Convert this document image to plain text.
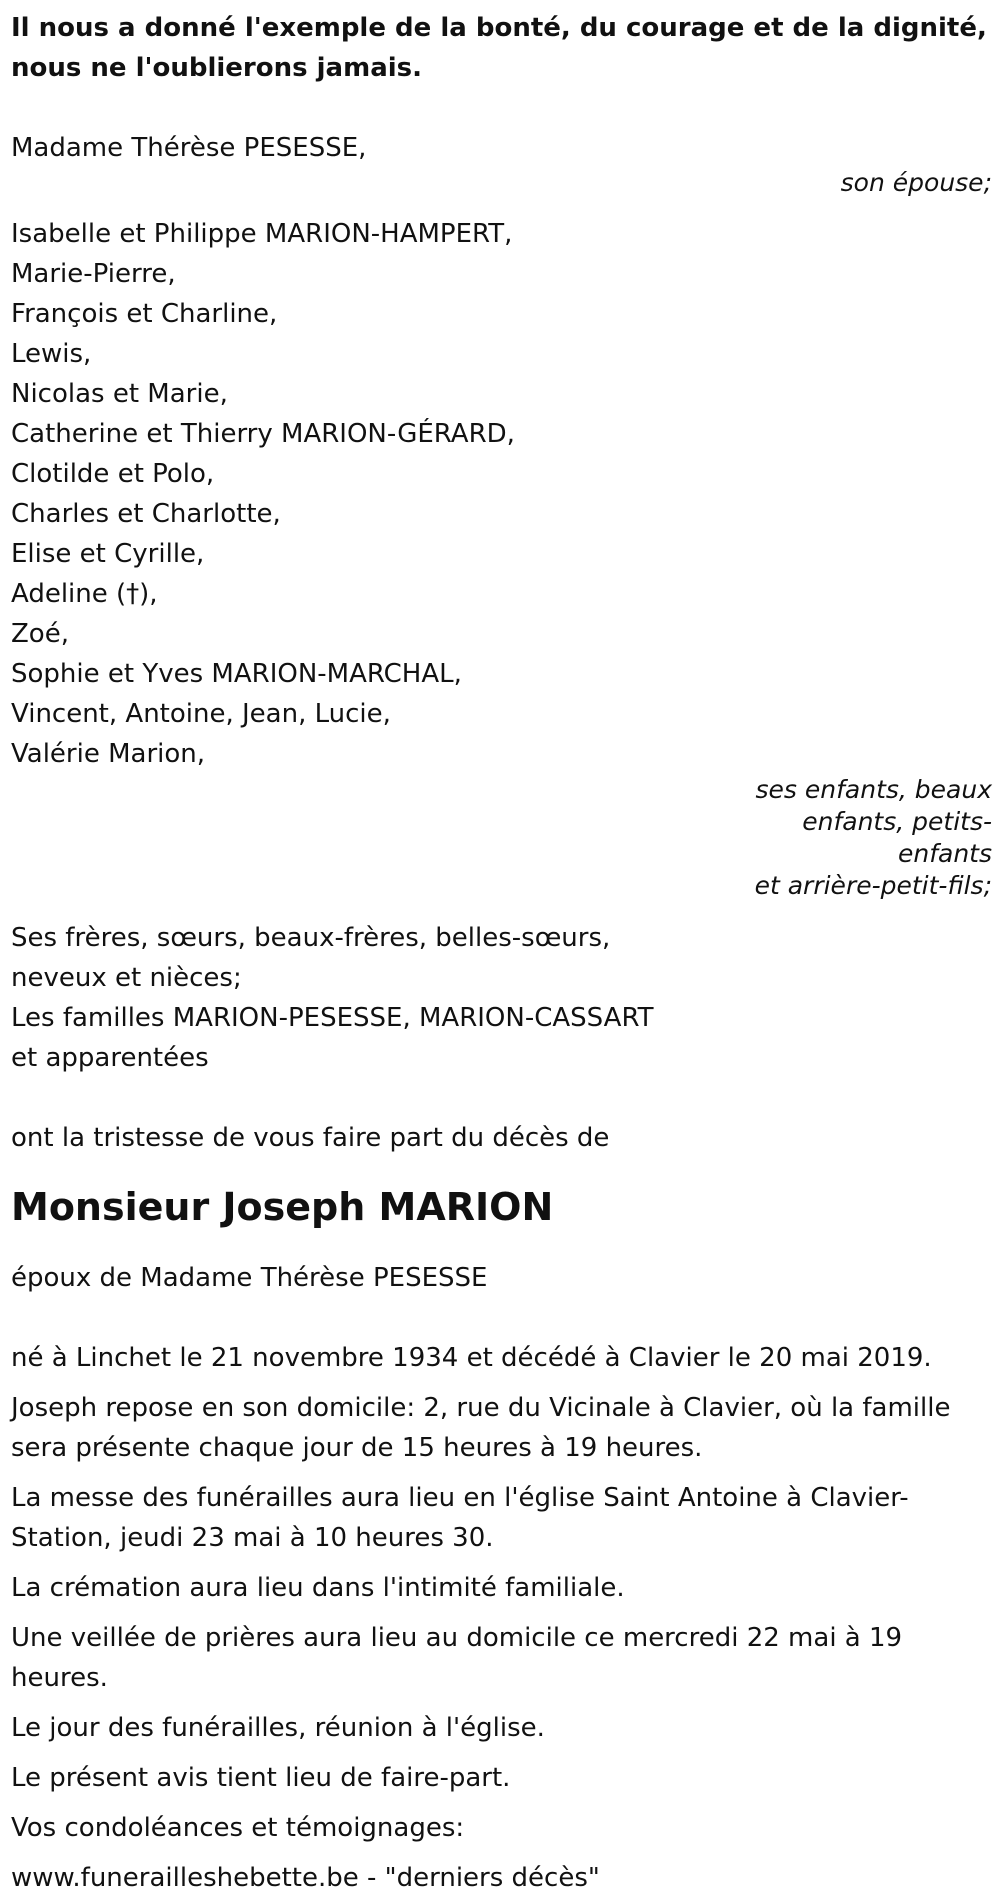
Il nous a donné l'exemple de la bonté, du courage et de la dignité,

nous ne l'oublierons jamais.

Madame Thérèse PESESSE,
son épouse;
Isabelle et Philippe MARION-HAMPERT,
Marie-Pierre,
François et Charline,
Lewis,
Nicolas et Marie,
Catherine et Thierry MARION-GÉRARD,
Clotilde et Polo,
Charles et Charlotte,
Elise et Cyrille,
Adeline (†),
Zoé,
Sophie et Yves MARION-MARCHAL,
Vincent, Antoine, Jean, Lucie,
Valérie Marion,
ses enfants, beaux enfants, petits-enfants
et arrière-petit-fils;
Ses frères, sœurs, beaux-frères, belles-sœurs,
neveux et nièces;
Les familles MARION-PESESSE, MARION-CASSART
et apparentées
ont la tristesse de vous faire part du décès de
Monsieur Joseph MARION
époux de Madame Thérèse PESESSE

né à Linchet le 21 novembre 1934 et décédé à Clavier le 20 mai 2019.

Joseph repose en son domicile: 2, rue du Vicinale à Clavier, où la famille sera présente chaque jour de 15 heures à 19 heures.

La messe des funérailles aura lieu en l'église Saint Antoine à Clavier-Station, jeudi 23 mai à 10 heures 30.

La crémation aura lieu dans l'intimité familiale.

Une veillée de prières aura lieu au domicile ce mercredi 22 mai à 19 heures.

Le jour des funérailles, réunion à l'église.

Le présent avis tient lieu de faire-part.

Vos condoléances et témoignages:

www.funerailleshebette.be - "derniers décès"
